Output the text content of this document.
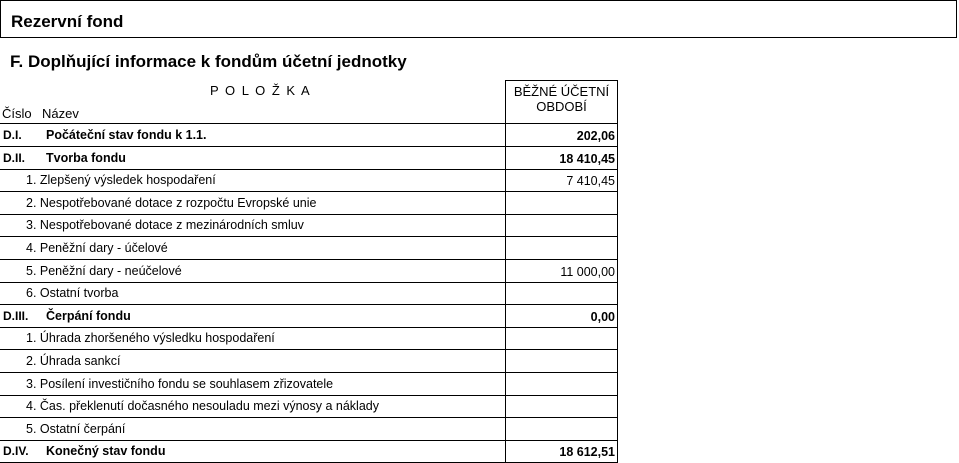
Rezervní fond
F. Doplňující informace k fondům účetní jednotky
P O L O Ž K A
Číslo Název
BĚŽNÉ ÚČETNÍ
OBDOBÍ
D.I. Počáteční stav fondu k 1.1.	202,06
D.II. Tvorba fondu	18 410,45
1. Zlepšený výsledek hospodaření	7 410,45
2. Nespotřebované dotace z rozpočtu Evropské unie
3. Nespotřebované dotace z mezinárodních smluv
4. Peněžní dary - účelové
5. Peněžní dary - neúčelové	11 000,00
6. Ostatní tvorba
D.III. Čerpání fondu	0,00
1. Úhrada zhoršeného výsledku hospodaření
2. Úhrada sankcí
3. Posílení investičního fondu se souhlasem zřizovatele
4. Čas. překlenutí dočasného nesouladu mezi výnosy a náklady
5. Ostatní čerpání
D.IV. Konečný stav fondu	18 612,51
